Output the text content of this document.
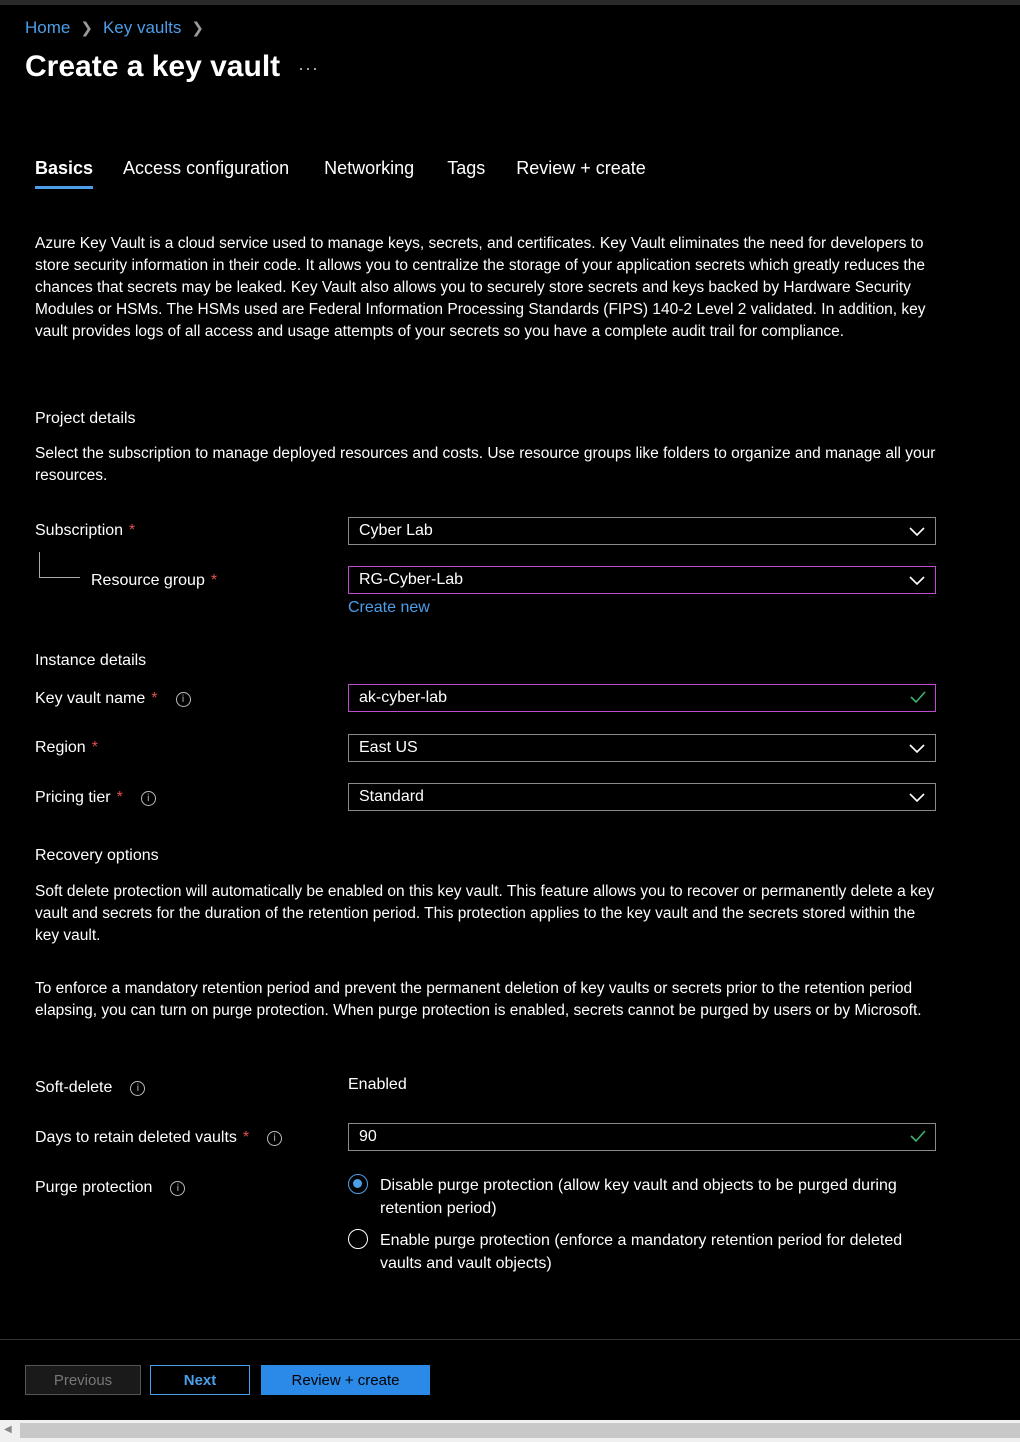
Home ❯ Key vaults ❯
Create a key vault ···
Basics Access configuration Networking Tags Review + create
Azure Key Vault is a cloud service used to manage keys, secrets, and certificates. Key Vault eliminates the need for developers to store security information in their code. It allows you to centralize the storage of your application secrets which greatly reduces the chances that secrets may be leaked. Key Vault also allows you to securely store secrets and keys backed by Hardware Security Modules or HSMs. The HSMs used are Federal Information Processing Standards (FIPS) 140-2 Level 2 validated. In addition, key vault provides logs of all access and usage attempts of your secrets so you have a complete audit trail for compliance.
Project details
Select the subscription to manage deployed resources and costs. Use resource groups like folders to organize and manage all your resources.
Subscription *	Cyber Lab
Resource group *	RG-Cyber-Lab
Create new
Instance details
Key vault name *	i	ak-cyber-lab
Region *	East US
Pricing tier *	i	Standard
Recovery options
Soft delete protection will automatically be enabled on this key vault. This feature allows you to recover or permanently delete a key vault and secrets for the duration of the retention period. This protection applies to the key vault and the secrets stored within the key vault.
To enforce a mandatory retention period and prevent the permanent deletion of key vaults or secrets prior to the retention period elapsing, you can turn on purge protection. When purge protection is enabled, secrets cannot be purged by users or by Microsoft.
Soft-delete	i	Enabled
Days to retain deleted vaults *	i	90
Purge protection	i	Disable purge protection (allow key vault and objects to be purged during retention period)
Enable purge protection (enforce a mandatory retention period for deleted vaults and vault objects)
Previous	Next	Review + create
◀
